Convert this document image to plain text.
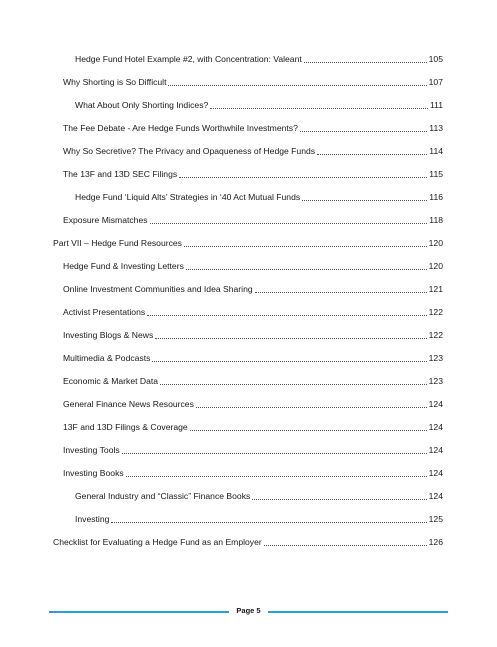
Hedge Fund Hotel Example #2, with Concentration: Valeant	105
Why Shorting is So Difficult	107
What About Only Shorting Indices?	111
The Fee Debate - Are Hedge Funds Worthwhile Investments?	113
Why So Secretive? The Privacy and Opaqueness of Hedge Funds	114
The 13F and 13D SEC Filings	115
Hedge Fund ‘Liquid Alts’ Strategies in ‘40 Act Mutual Funds	116
Exposure Mismatches	118
Part VII – Hedge Fund Resources	120
Hedge Fund & Investing Letters	120
Online Investment Communities and Idea Sharing	121
Activist Presentations	122
Investing Blogs & News	122
Multimedia & Podcasts	123
Economic & Market Data	123
General Finance News Resources	124
13F and 13D Filings & Coverage	124
Investing Tools	124
Investing Books	124
General Industry and “Classic” Finance Books	124
Investing	125
Checklist for Evaluating a Hedge Fund as an Employer	126
Page 5
